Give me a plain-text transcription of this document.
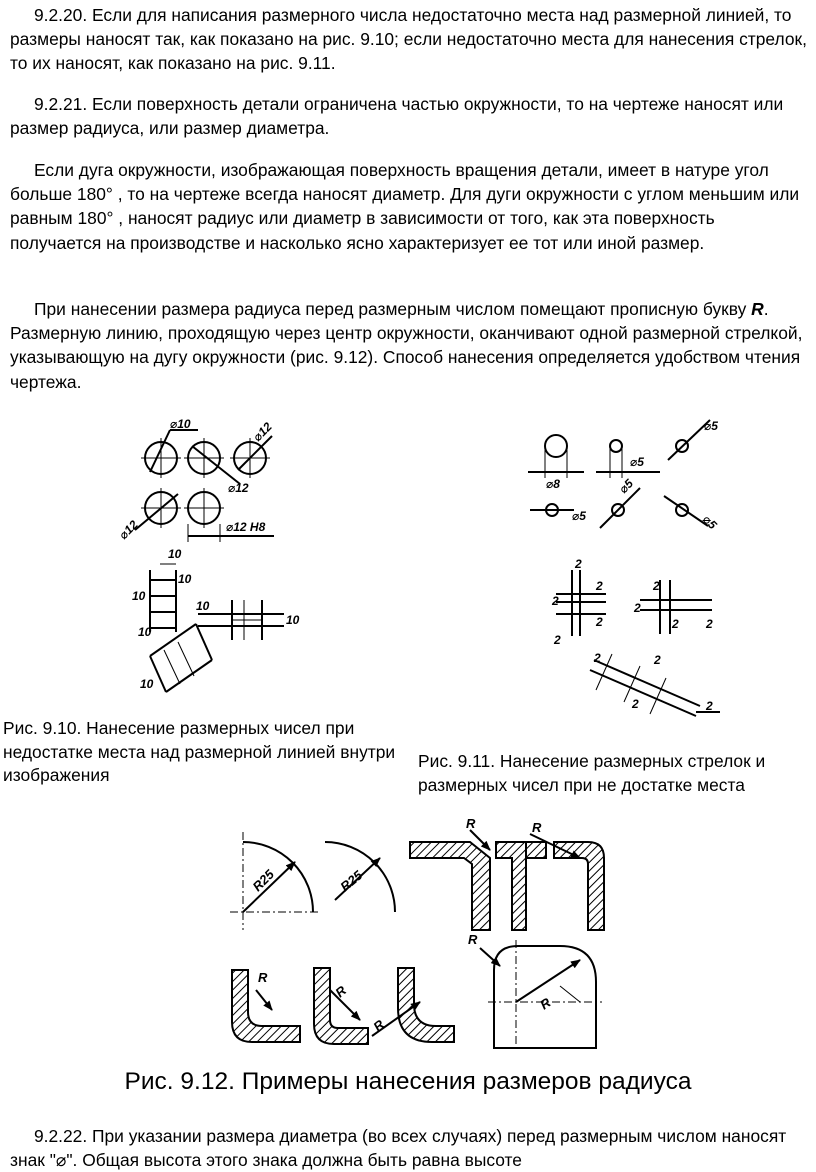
9.2.20. Если для написания размерного числа недостаточно места над размерной линией, то размеры наносят так, как показано на рис. 9.10; если недостаточно места для нанесения стрелок, то их наносят, как показано на рис. 9.11.

9.2.21. Если поверхность детали ограничена частью окружности, то на чертеже наносят или размер радиуса, или размер диаметра.

Если дуга окружности, изображающая поверхность вращения детали, имеет в натуре угол больше 180° , то на чертеже всегда наносят диаметр. Для дуги окружности с углом меньшим или равным 180° , наносят радиус или диаметр в зависимости от того, как эта поверхность получается на производстве и насколько ясно характеризует ее тот или иной размер.

При нанесении размера радиуса перед размерным числом помещают прописную букву R. Размерную линию, проходящую через центр окружности, оканчивают одной размерной стрелкой, указывающую на дугу окружности (рис. 9.12). Способ нанесения определяется удобством чтения чертежа.

Рис. 9.10. Нанесение размерных чисел при недостатке места над размерной линией внутри изображения

Рис. 9.11. Нанесение размерных стрелок и размерных чисел при не достатке места

Рис. 9.12. Примеры нанесения размеров радиуса

9.2.22. При указании размера диаметра (во всех случаях) перед размерным числом наносят знак "⌀". Общая высота этого знака должна быть равна высоте

⌀10
⌀12
⌀12
⌀12	⌀12 H8
10
10
10
10
10
10
10
⌀8
⌀5
⌀5
⌀5
⌀5
⌀5
2
2
2
2
2
2
2
2 2
2	2
2	2
R25	R25
R	R
R
R
R
R
R
